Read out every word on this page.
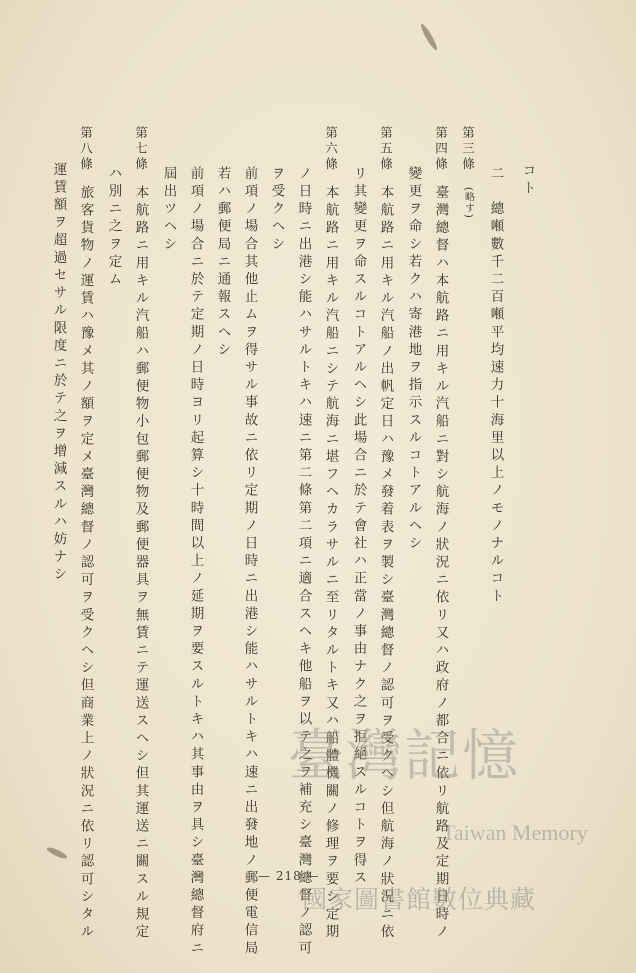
コト
二　總噸數千二百噸平均速力十海里以上ノモノナルコト
第三條 (略す)
第四條 臺灣總督ハ本航路ニ用キル汽船ニ對シ航海ノ狀況ニ依リ又ハ政府ノ都合ニ依リ航路及定期日時ノ
變更ヲ命シ若クハ寄港地ヲ指示スルコトアルヘシ
第五條 本航路ニ用キル汽船ノ出帆定日ハ豫メ發着表ヲ製シ臺灣總督ノ認可ヲ受クヘシ但航海ノ狀況ニ依
リ其變更ヲ命スルコトアルヘシ此場合ニ於テ會社ハ正當ノ事由ナク之ヲ拒絕スルコトヲ得ス
第六條 本航路ニ用キル汽船ニシテ航海ニ堪フヘカラサルニ至リタルトキ又ハ船體機關ノ修理ヲ要シ定期
ノ日時ニ出港シ能ハサルトキハ速ニ第二條第二項ニ適合スヘキ他船ヲ以テ之ヲ補充シ臺灣總督ノ認可
ヲ受クヘシ
前項ノ場合其他止ムヲ得サル事故ニ依リ定期ノ日時ニ出港シ能ハサルトキハ速ニ出發地ノ郵便電信局
若ハ郵便局ニ通報スヘシ
前項ノ場合ニ於テ定期ノ日時ヨリ起算シ十時間以上ノ延期ヲ要スルトキハ其事由ヲ具シ臺灣總督府ニ
屆出ツヘシ
第七條 本航路ニ用キル汽船ハ郵便物小包郵便物及郵便器具ヲ無賃ニテ運送スヘシ但其運送ニ關スル規定
ハ別ニ之ヲ定ム
第八條 旅客貨物ノ運賃ハ豫メ其ノ額ヲ定メ臺灣總督ノ認可ヲ受クヘシ但商業上ノ狀況ニ依リ認可シタル
運賃額ヲ超過セサル限度ニ於テ之ヲ增減スルハ妨ナシ
— 218 —
臺灣記憶
Taiwan Memory
國家圖書館數位典藏
